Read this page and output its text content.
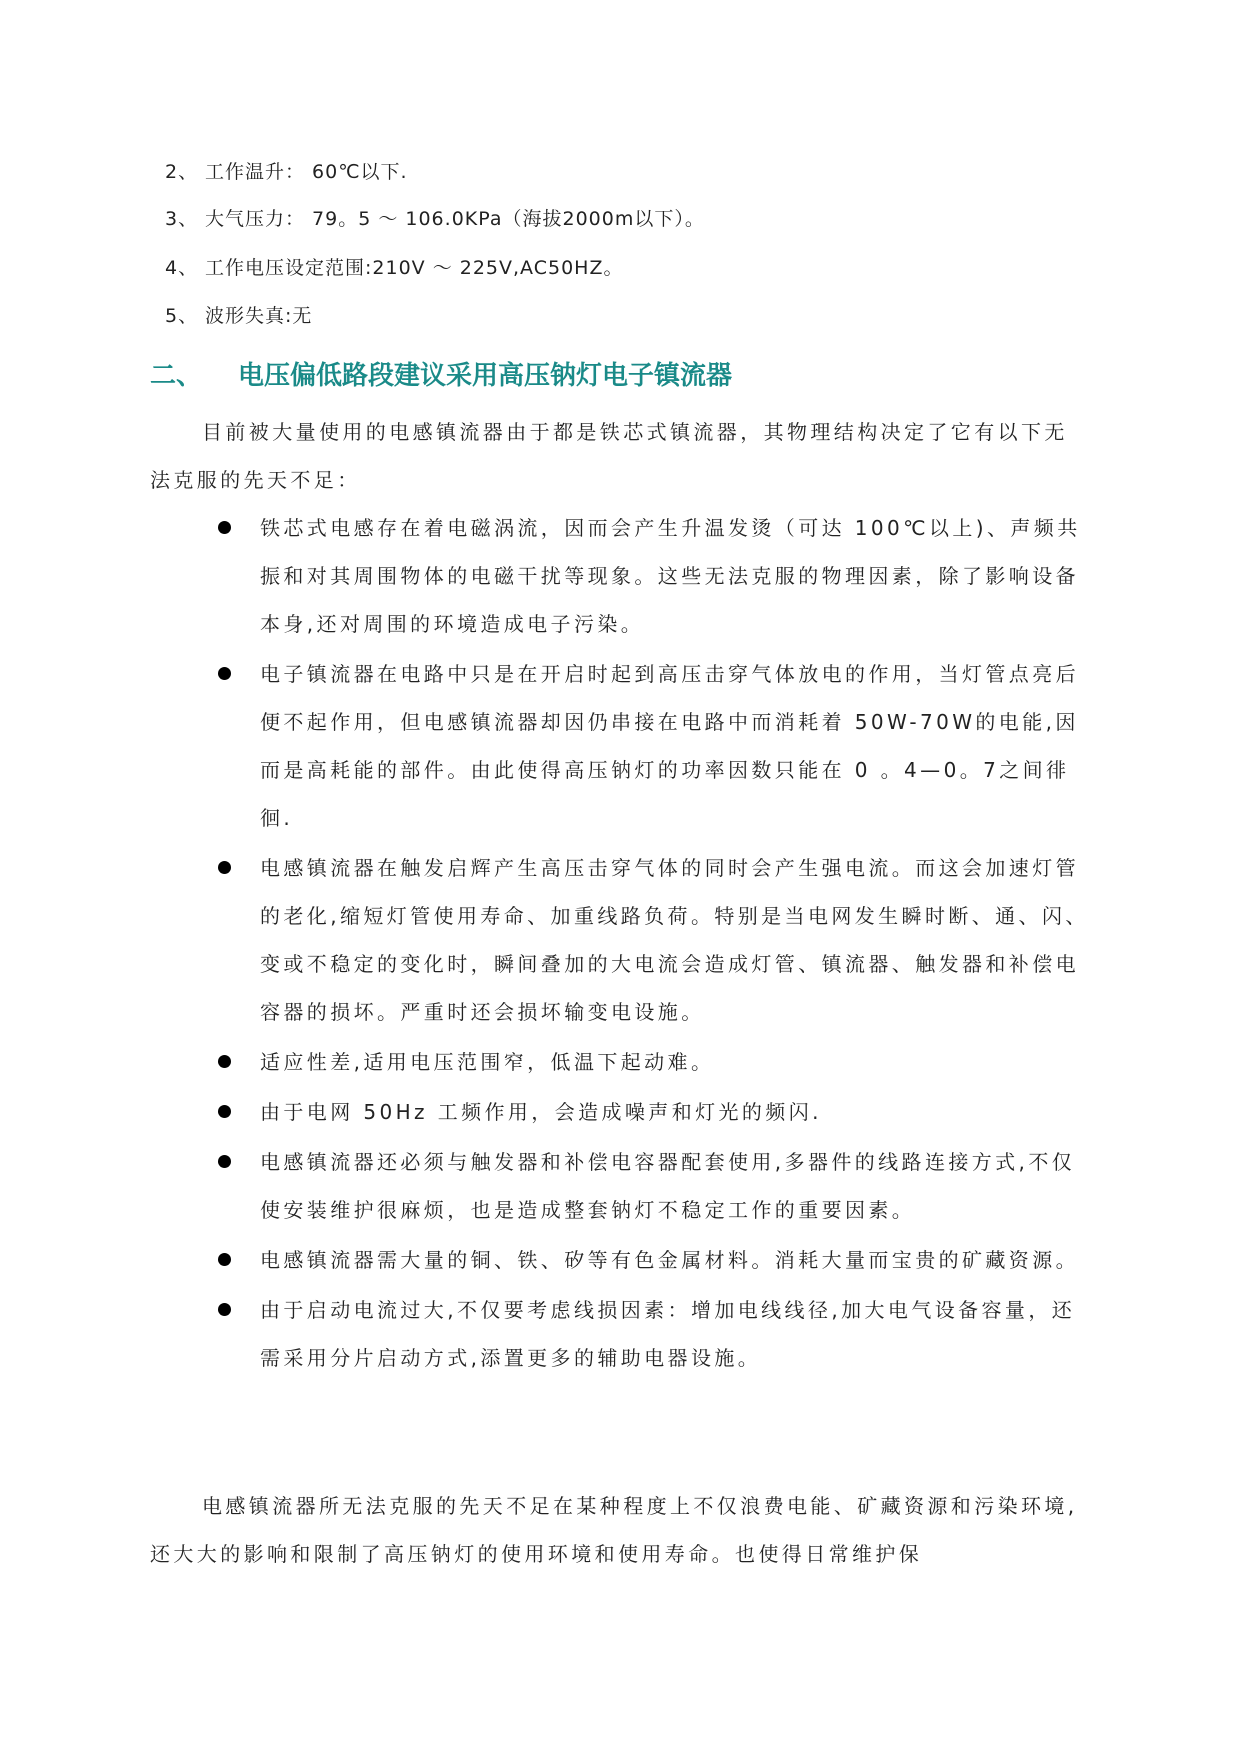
2、 工作温升： 60℃以下.
3、 大气压力： 79。5 ～ 106.0KPa（海拔2000m以下）。
4、 工作电压设定范围:210V ～ 225V,AC50HZ。
5、 波形失真:无
二、 电压偏低路段建议采用高压钠灯电子镇流器

目前被大量使用的电感镇流器由于都是铁芯式镇流器，其物理结构决定了它有以下无法克服的先天不足：

铁芯式电感存在着电磁涡流，因而会产生升温发烫（可达 100℃以上)、声频共振和对其周围物体的电磁干扰等现象。这些无法克服的物理因素，除了影响设备本身,还对周围的环境造成电子污染。
电子镇流器在电路中只是在开启时起到高压击穿气体放电的作用，当灯管点亮后便不起作用，但电感镇流器却因仍串接在电路中而消耗着 50W-70W的电能,因而是高耗能的部件。由此使得高压钠灯的功率因数只能在 0 。4—0。7之间徘徊.
电感镇流器在触发启辉产生高压击穿气体的同时会产生强电流。而这会加速灯管的老化,缩短灯管使用寿命、加重线路负荷。特别是当电网发生瞬时断、通、闪、变或不稳定的变化时，瞬间叠加的大电流会造成灯管、镇流器、触发器和补偿电容器的损坏。严重时还会损坏输变电设施。
适应性差,适用电压范围窄，低温下起动难。
由于电网 50Hz 工频作用，会造成噪声和灯光的频闪.
电感镇流器还必须与触发器和补偿电容器配套使用,多器件的线路连接方式,不仅使安装维护很麻烦，也是造成整套钠灯不稳定工作的重要因素。
电感镇流器需大量的铜、铁、矽等有色金属材料。消耗大量而宝贵的矿藏资源。
由于启动电流过大,不仅要考虑线损因素：增加电线线径,加大电气设备容量，还需采用分片启动方式,添置更多的辅助电器设施。

电感镇流器所无法克服的先天不足在某种程度上不仅浪费电能、矿藏资源和污染环境,还大大的影响和限制了高压钠灯的使用环境和使用寿命。也使得日常维护保
